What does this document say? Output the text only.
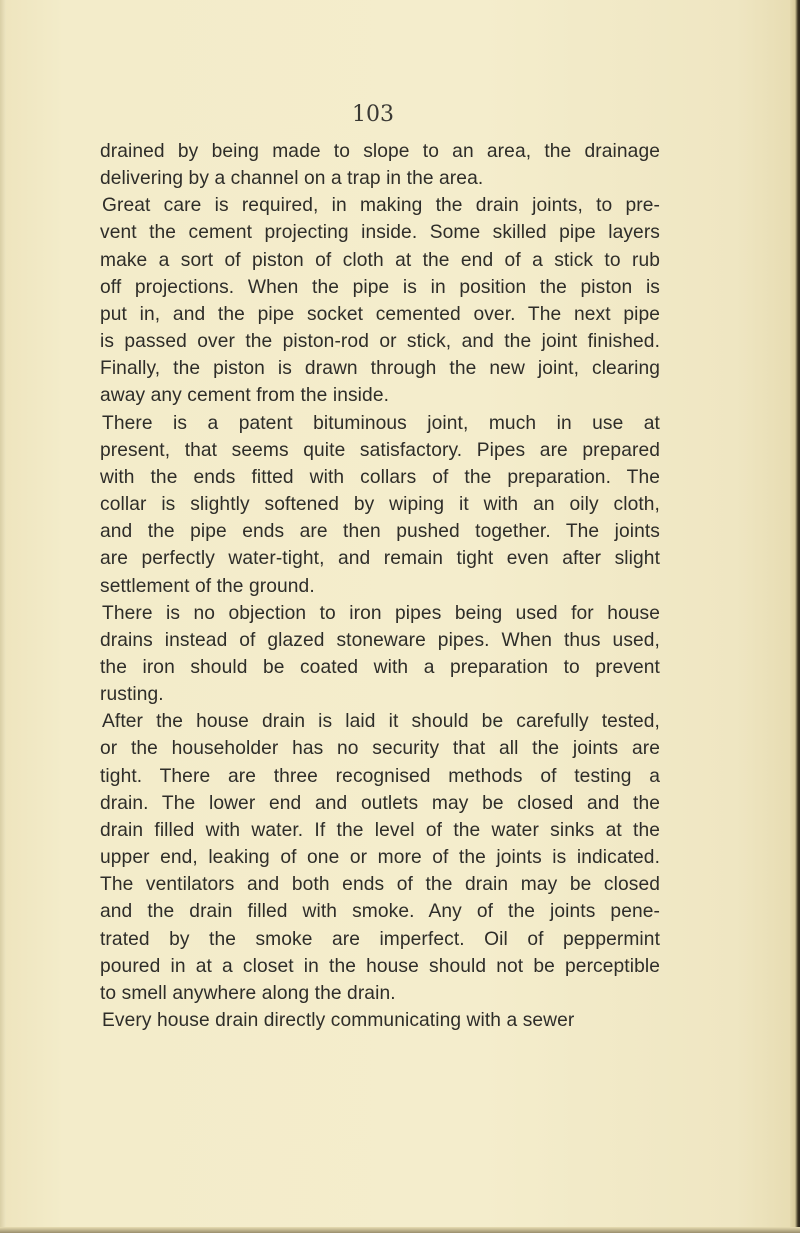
103
drained by being made to slope to an area, the drainage
delivering by a channel on a trap in the area.
Great care is required, in making the drain joints, to pre-
vent the cement projecting inside. Some skilled pipe layers
make a sort of piston of cloth at the end of a stick to rub
off projections. When the pipe is in position the piston is
put in, and the pipe socket cemented over. The next pipe
is passed over the piston-rod or stick, and the joint finished.
Finally, the piston is drawn through the new joint, clearing
away any cement from the inside.
There is a patent bituminous joint, much in use at
present, that seems quite satisfactory. Pipes are prepared
with the ends fitted with collars of the preparation. The
collar is slightly softened by wiping it with an oily cloth,
and the pipe ends are then pushed together. The joints
are perfectly water-tight, and remain tight even after slight
settlement of the ground.
There is no objection to iron pipes being used for house
drains instead of glazed stoneware pipes. When thus used,
the iron should be coated with a preparation to prevent
rusting.
After the house drain is laid it should be carefully tested,
or the householder has no security that all the joints are
tight. There are three recognised methods of testing a
drain. The lower end and outlets may be closed and the
drain filled with water. If the level of the water sinks at the
upper end, leaking of one or more of the joints is indicated.
The ventilators and both ends of the drain may be closed
and the drain filled with smoke. Any of the joints pene-
trated by the smoke are imperfect. Oil of peppermint
poured in at a closet in the house should not be perceptible
to smell anywhere along the drain.
Every house drain directly communicating with a sewer
